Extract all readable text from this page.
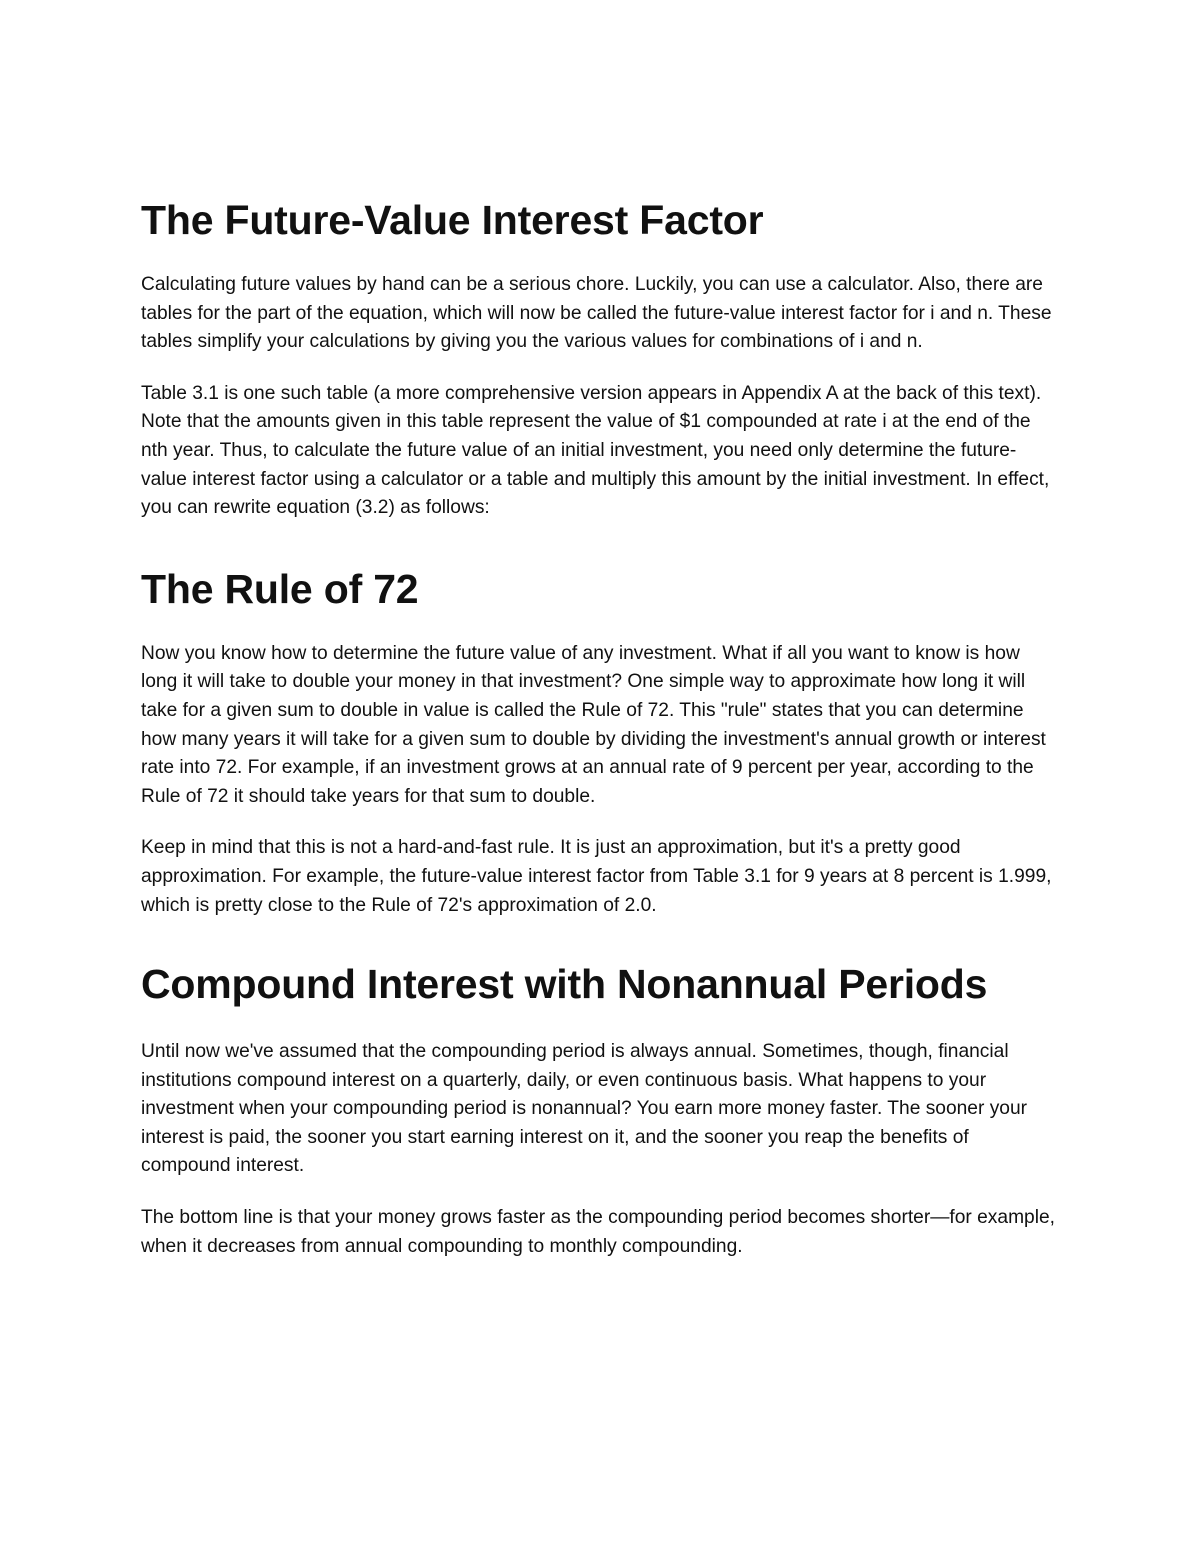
The Future-Value Interest Factor

Calculating future values by hand can be a serious chore. Luckily, you can use a calculator. Also, there are tables for the part of the equation, which will now be called the future-value interest factor for i and n. These tables simplify your calculations by giving you the various values for combinations of i and n.

Table 3.1 is one such table (a more comprehensive version appears in Appendix A at the back of this text). Note that the amounts given in this table represent the value of $1 compounded at rate i at the end of the nth year. Thus, to calculate the future value of an initial investment, you need only determine the future-value interest factor using a calculator or a table and multiply this amount by the initial investment. In effect, you can rewrite equation (3.2) as follows:

The Rule of 72

Now you know how to determine the future value of any investment. What if all you want to know is how long it will take to double your money in that investment? One simple way to approximate how long it will take for a given sum to double in value is called the Rule of 72. This "rule" states that you can determine how many years it will take for a given sum to double by dividing the investment's annual growth or interest rate into 72. For example, if an investment grows at an annual rate of 9 percent per year, according to the Rule of 72 it should take years for that sum to double.

Keep in mind that this is not a hard-and-fast rule. It is just an approximation, but it's a pretty good approximation. For example, the future-value interest factor from Table 3.1 for 9 years at 8 percent is 1.999, which is pretty close to the Rule of 72's approximation of 2.0.

Compound Interest with Nonannual Periods

Until now we've assumed that the compounding period is always annual. Sometimes, though, financial institutions compound interest on a quarterly, daily, or even continuous basis. What happens to your investment when your compounding period is nonannual? You earn more money faster. The sooner your interest is paid, the sooner you start earning interest on it, and the sooner you reap the benefits of compound interest.

The bottom line is that your money grows faster as the compounding period becomes shorter—for example, when it decreases from annual compounding to monthly compounding.
